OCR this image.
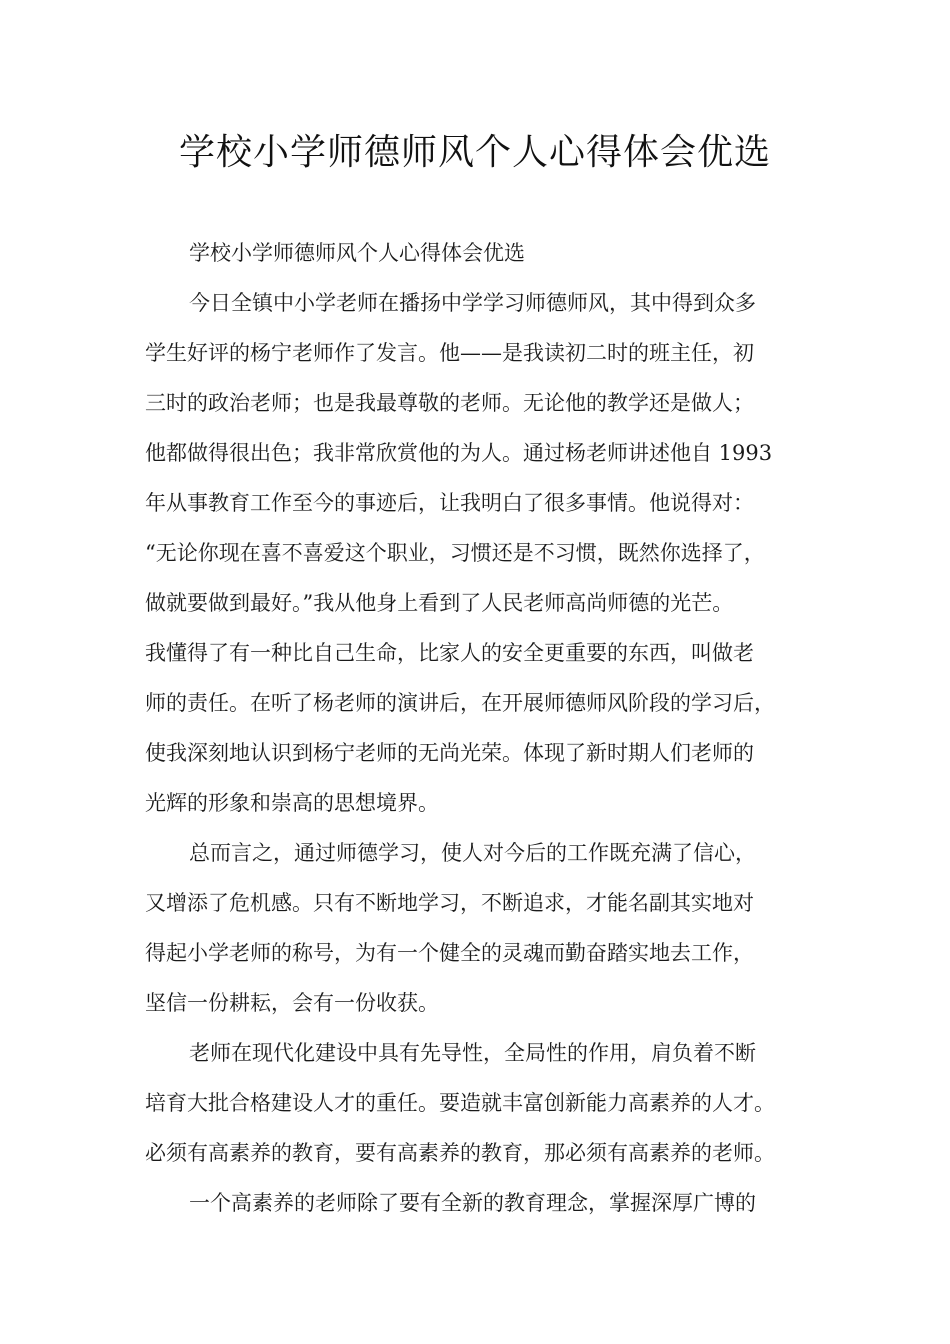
学校小学师德师风个人心得体会优选
学校小学师德师风个人心得体会优选
今日全镇中小学老师在播扬中学学习师德师风，其中得到众多
学生好评的杨宁老师作了发言。他——是我读初二时的班主任，初
三时的政治老师；也是我最尊敬的老师。无论他的教学还是做人；
他都做得很出色；我非常欣赏他的为人。通过杨老师讲述他自 1993
年从事教育工作至今的事迹后，让我明白了很多事情。他说得对：
“无论你现在喜不喜爱这个职业，习惯还是不习惯，既然你选择了，
做就要做到最好。”我从他身上看到了人民老师高尚师德的光芒。
我懂得了有一种比自己生命，比家人的安全更重要的东西，叫做老
师的责任。在听了杨老师的演讲后，在开展师德师风阶段的学习后，
使我深刻地认识到杨宁老师的无尚光荣。体现了新时期人们老师的
光辉的形象和崇高的思想境界。
总而言之，通过师德学习，使人对今后的工作既充满了信心，
又增添了危机感。只有不断地学习，不断追求，才能名副其实地对
得起小学老师的称号，为有一个健全的灵魂而勤奋踏实地去工作，
坚信一份耕耘，会有一份收获。
老师在现代化建设中具有先导性，全局性的作用，肩负着不断
培育大批合格建设人才的重任。要造就丰富创新能力高素养的人才。
必须有高素养的教育，要有高素养的教育，那必须有高素养的老师。
一个高素养的老师除了要有全新的教育理念，掌握深厚广博的
